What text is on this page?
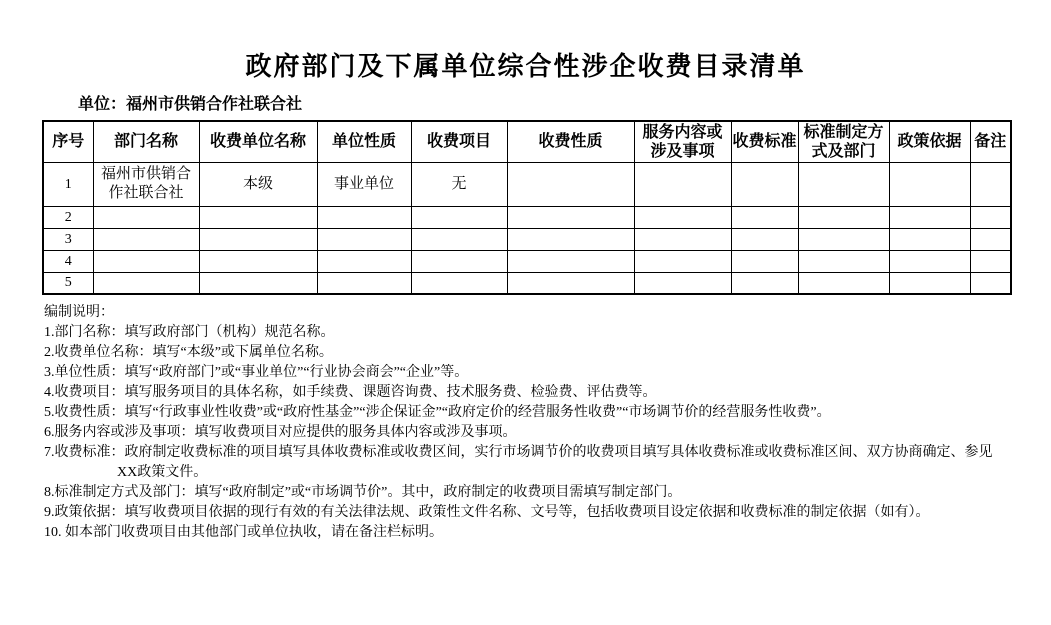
政府部门及下属单位综合性涉企收费目录清单
单位：福州市供销合作社联合社
序号	部门名称	收费单位名称	单位性质	收费项目	收费性质	服务内容或涉及事项	收费标准	标准制定方式及部门	政策依据	备注
1	福州市供销合作社联合社	本级	事业单位	无						
2										
3										
4										
5										
编制说明：
1.部门名称：填写政府部门（机构）规范名称。
2.收费单位名称：填写“本级”或下属单位名称。
3.单位性质：填写“政府部门”或“事业单位”“行业协会商会”“企业”等。
4.收费项目：填写服务项目的具体名称，如手续费、课题咨询费、技术服务费、检验费、评估费等。
5.收费性质：填写“行政事业性收费”或“政府性基金”“涉企保证金”“政府定价的经营服务性收费”“市场调节价的经营服务性收费”。
6.服务内容或涉及事项：填写收费项目对应提供的服务具体内容或涉及事项。
7.收费标准：政府制定收费标准的项目填写具体收费标准或收费区间，实行市场调节价的收费项目填写具体收费标准或收费标准区间、双方协商确定、参见XX政策文件。
8.标准制定方式及部门：填写“政府制定”或“市场调节价”。其中，政府制定的收费项目需填写制定部门。
9.政策依据：填写收费项目依据的现行有效的有关法律法规、政策性文件名称、文号等，包括收费项目设定依据和收费标准的制定依据（如有）。
10. 如本部门收费项目由其他部门或单位执收，请在备注栏标明。
